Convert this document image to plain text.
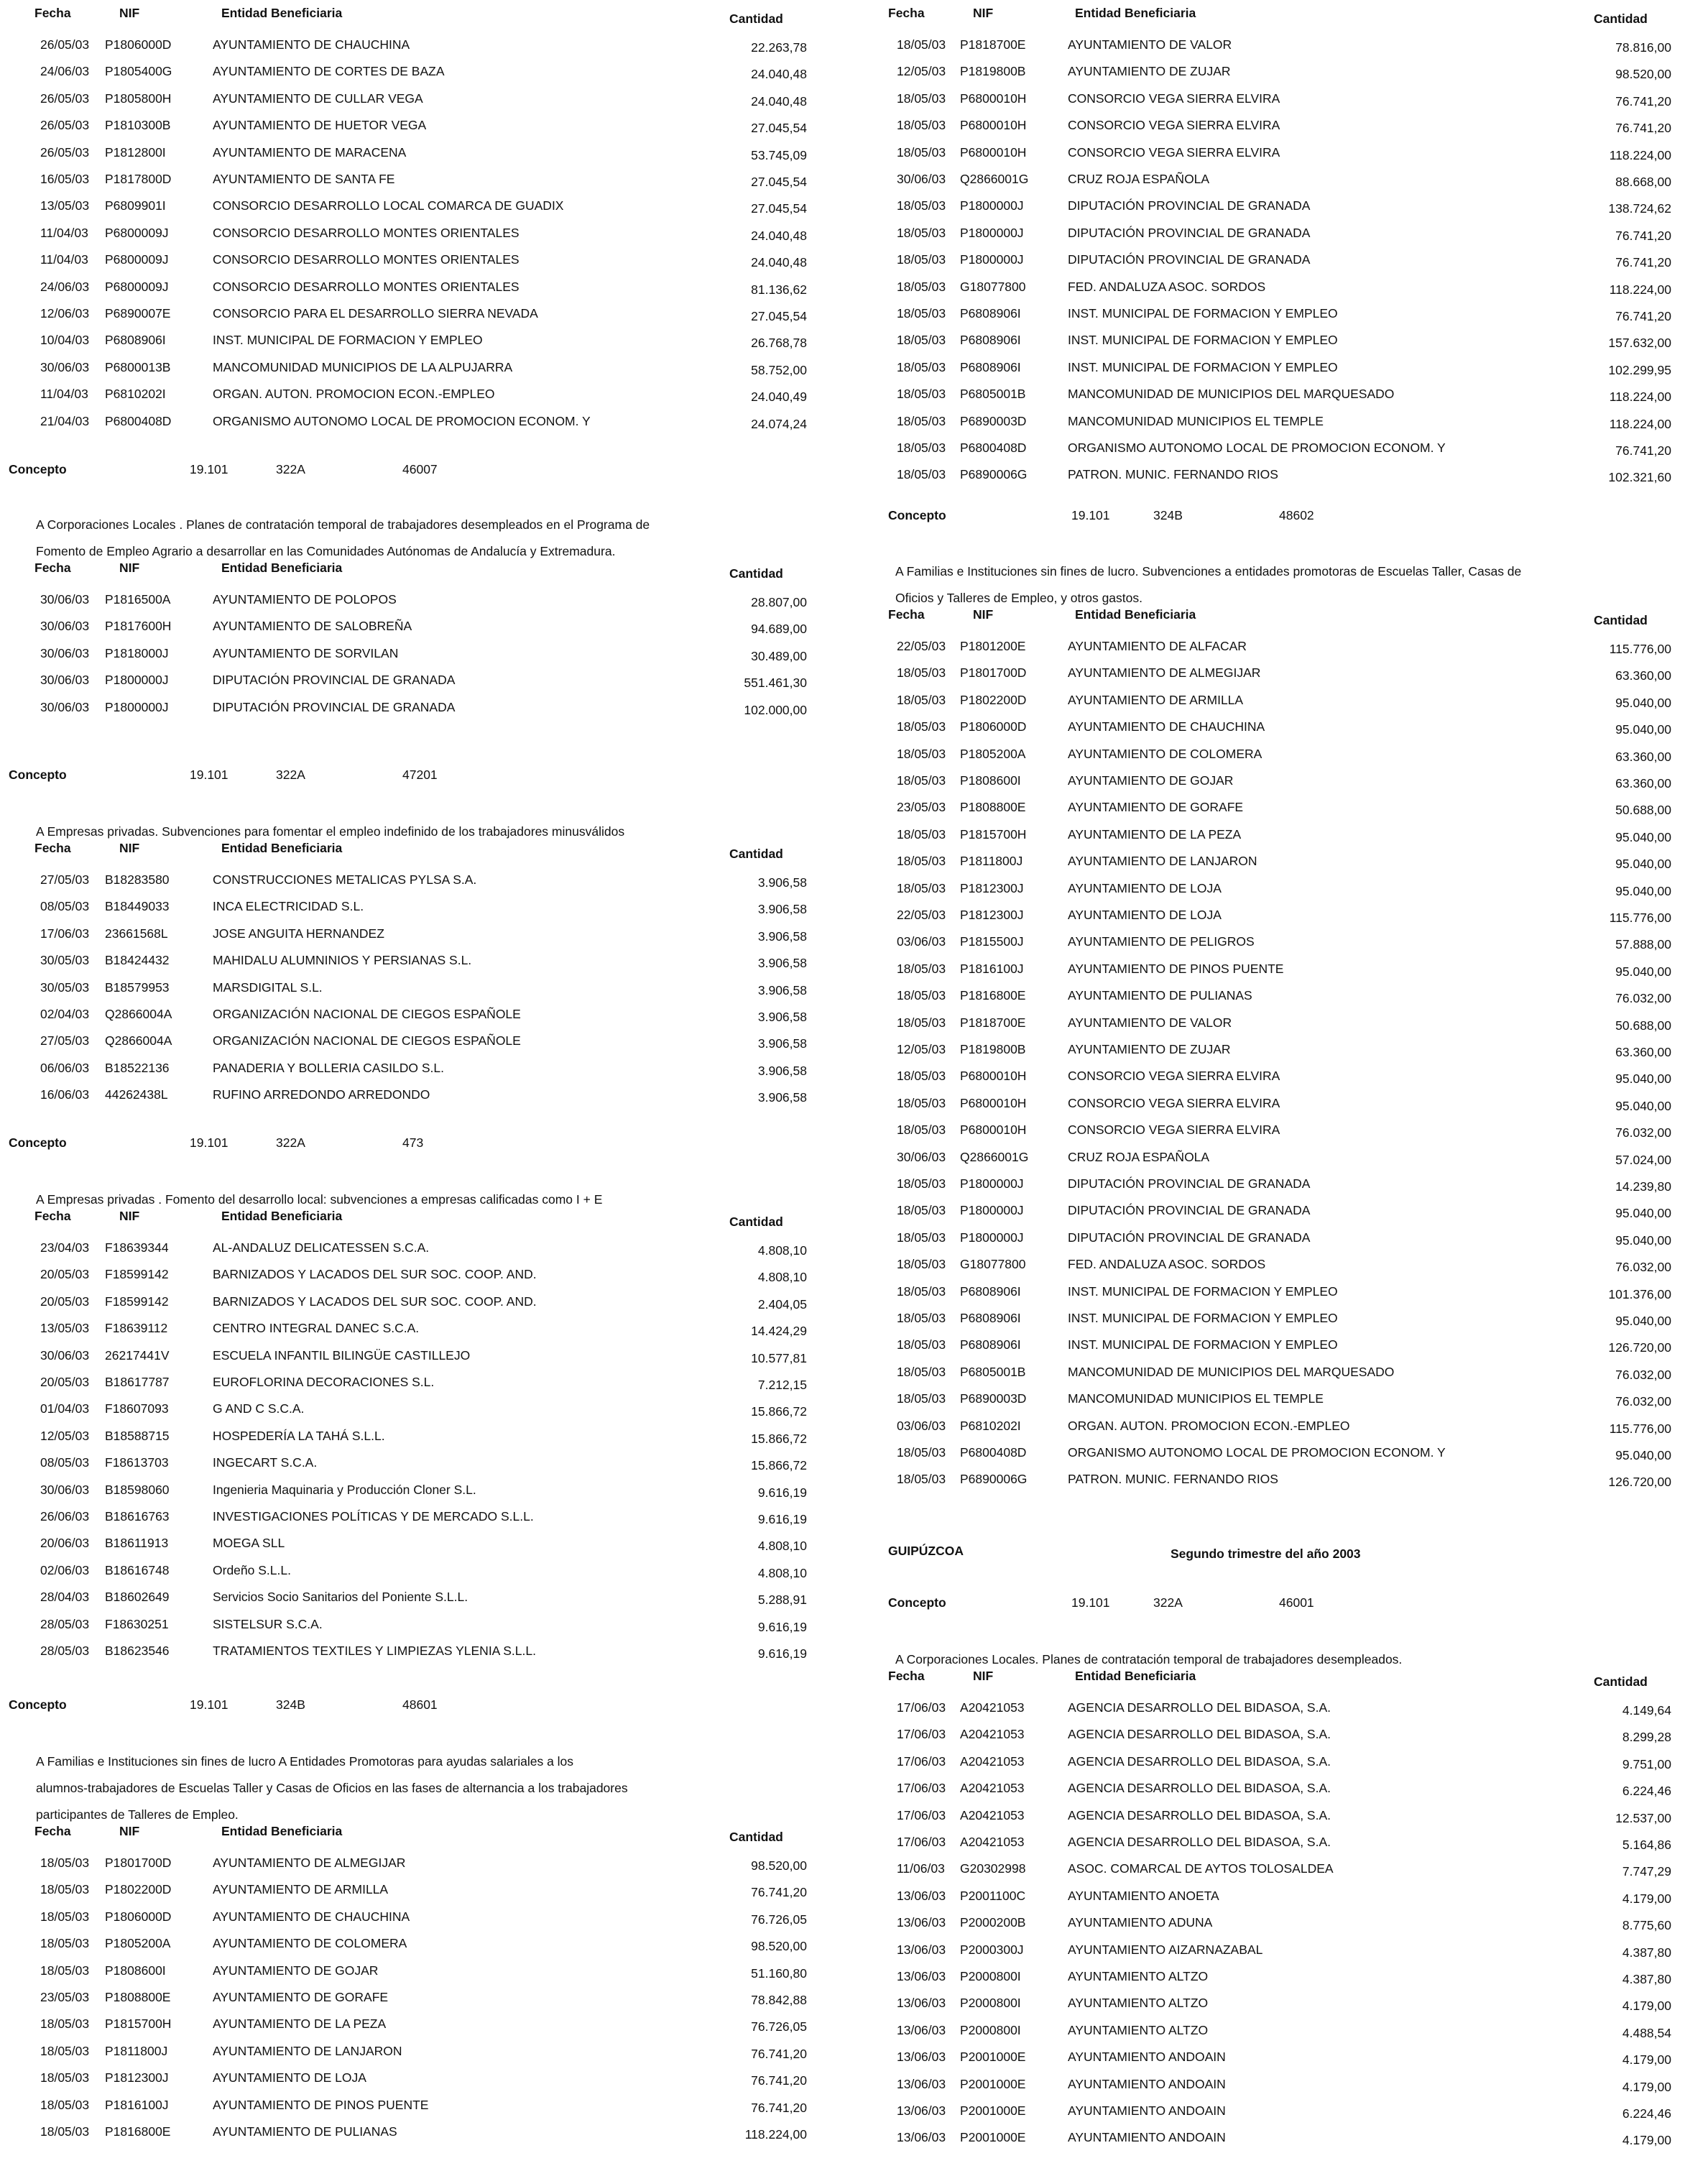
Fecha	NIF	Entidad Beneficiaria	Cantidad
26/05/03 P1806000D	AYUNTAMIENTO DE CHAUCHINA	22.263,78
24/06/03 P1805400G	AYUNTAMIENTO DE CORTES DE BAZA	24.040,48
26/05/03 P1805800H	AYUNTAMIENTO DE CULLAR VEGA	24.040,48
26/05/03 P1810300B	AYUNTAMIENTO DE HUETOR VEGA	27.045,54
26/05/03 P1812800I	AYUNTAMIENTO DE MARACENA	53.745,09
16/05/03 P1817800D	AYUNTAMIENTO DE SANTA FE	27.045,54
13/05/03 P6809901I	CONSORCIO DESARROLLO LOCAL COMARCA DE GUADIX	27.045,54
11/04/03 P6800009J	CONSORCIO DESARROLLO MONTES ORIENTALES	24.040,48
11/04/03 P6800009J	CONSORCIO DESARROLLO MONTES ORIENTALES	24.040,48
24/06/03 P6800009J	CONSORCIO DESARROLLO MONTES ORIENTALES	81.136,62
12/06/03 P6890007E	CONSORCIO PARA EL DESARROLLO SIERRA NEVADA	27.045,54
10/04/03 P6808906I	INST. MUNICIPAL DE FORMACION Y EMPLEO	26.768,78
30/06/03 P6800013B	MANCOMUNIDAD MUNICIPIOS DE LA ALPUJARRA	58.752,00
11/04/03 P6810202I	ORGAN. AUTON. PROMOCION ECON.-EMPLEO	24.040,49
21/04/03 P6800408D	ORGANISMO AUTONOMO LOCAL DE PROMOCION ECONOM. Y	24.074,24
Concepto	19.101	322A	46007
A Corporaciones Locales . Planes de contratación temporal de trabajadores desempleados en el Programa de
Fomento de Empleo Agrario a desarrollar en las Comunidades Autónomas de Andalucía y Extremadura.
Fecha	NIF	Entidad Beneficiaria	Cantidad
30/06/03 P1816500A	AYUNTAMIENTO DE POLOPOS	28.807,00
30/06/03 P1817600H	AYUNTAMIENTO DE SALOBREÑA	94.689,00
30/06/03 P1818000J	AYUNTAMIENTO DE SORVILAN	30.489,00
30/06/03 P1800000J	DIPUTACIÓN PROVINCIAL DE GRANADA	551.461,30
30/06/03 P1800000J	DIPUTACIÓN PROVINCIAL DE GRANADA	102.000,00
Concepto	19.101	322A	47201
A Empresas privadas. Subvenciones para fomentar el empleo indefinido de los trabajadores minusválidos
Fecha	NIF	Entidad Beneficiaria	Cantidad
27/05/03 B18283580	CONSTRUCCIONES METALICAS PYLSA S.A.	3.906,58
08/05/03 B18449033	INCA ELECTRICIDAD S.L.	3.906,58
17/06/03 23661568L	JOSE ANGUITA HERNANDEZ	3.906,58
30/05/03 B18424432	MAHIDALU ALUMNINIOS Y PERSIANAS S.L.	3.906,58
30/05/03 B18579953	MARSDIGITAL S.L.	3.906,58
02/04/03 Q2866004A	ORGANIZACIÓN NACIONAL DE CIEGOS ESPAÑOLE	3.906,58
27/05/03 Q2866004A	ORGANIZACIÓN NACIONAL DE CIEGOS ESPAÑOLE	3.906,58
06/06/03 B18522136	PANADERIA Y BOLLERIA CASILDO S.L.	3.906,58
16/06/03 44262438L	RUFINO ARREDONDO ARREDONDO	3.906,58
Concepto	19.101	322A	473
A Empresas privadas . Fomento del desarrollo local: subvenciones a empresas calificadas como I + E
Fecha	NIF	Entidad Beneficiaria	Cantidad
23/04/03 F18639344	AL-ANDALUZ DELICATESSEN S.C.A.	4.808,10
20/05/03 F18599142	BARNIZADOS Y LACADOS DEL SUR SOC. COOP. AND.	4.808,10
20/05/03 F18599142	BARNIZADOS Y LACADOS DEL SUR SOC. COOP. AND.	2.404,05
13/05/03 F18639112	CENTRO INTEGRAL DANEC S.C.A.	14.424,29
30/06/03 26217441V	ESCUELA INFANTIL BILINGÜE CASTILLEJO	10.577,81
20/05/03 B18617787	EUROFLORINA DECORACIONES S.L.	7.212,15
01/04/03 F18607093	G AND C S.C.A.	15.866,72
12/05/03 B18588715	HOSPEDERÍA LA TAHÁ S.L.L.	15.866,72
08/05/03 F18613703	INGECART S.C.A.	15.866,72
30/06/03 B18598060	Ingenieria Maquinaria y Producción Cloner S.L.	9.616,19
26/06/03 B18616763	INVESTIGACIONES POLÍTICAS Y DE MERCADO S.L.L.	9.616,19
20/06/03 B18611913	MOEGA SLL	4.808,10
02/06/03 B18616748	Ordeño S.L.L.	4.808,10
28/04/03 B18602649	Servicios Socio Sanitarios del Poniente S.L.L.	5.288,91
28/05/03 F18630251	SISTELSUR S.C.A.	9.616,19
28/05/03 B18623546	TRATAMIENTOS TEXTILES Y LIMPIEZAS YLENIA S.L.L.	9.616,19
Concepto	19.101	324B	48601
A Familias e Instituciones sin fines de lucro A Entidades Promotoras para ayudas salariales a los
alumnos-trabajadores de Escuelas Taller y Casas de Oficios en las fases de alternancia a los trabajadores
participantes de Talleres de Empleo.
Fecha	NIF	Entidad Beneficiaria	Cantidad
18/05/03 P1801700D	AYUNTAMIENTO DE ALMEGIJAR	98.520,00
18/05/03 P1802200D	AYUNTAMIENTO DE ARMILLA	76.741,20
18/05/03 P1806000D	AYUNTAMIENTO DE CHAUCHINA	76.726,05
18/05/03 P1805200A	AYUNTAMIENTO DE COLOMERA	98.520,00
18/05/03 P1808600I	AYUNTAMIENTO DE GOJAR	51.160,80
23/05/03 P1808800E	AYUNTAMIENTO DE GORAFE	78.842,88
18/05/03 P1815700H	AYUNTAMIENTO DE LA PEZA	76.726,05
18/05/03 P1811800J	AYUNTAMIENTO DE LANJARON	76.741,20
18/05/03 P1812300J	AYUNTAMIENTO DE LOJA	76.741,20
18/05/03 P1816100J	AYUNTAMIENTO DE PINOS PUENTE	76.741,20
18/05/03 P1816800E	AYUNTAMIENTO DE PULIANAS	118.224,00
Fecha	NIF	Entidad Beneficiaria	Cantidad
18/05/03 P1818700E	AYUNTAMIENTO DE VALOR	78.816,00
12/05/03 P1819800B	AYUNTAMIENTO DE ZUJAR	98.520,00
18/05/03 P6800010H	CONSORCIO VEGA SIERRA ELVIRA	76.741,20
18/05/03 P6800010H	CONSORCIO VEGA SIERRA ELVIRA	76.741,20
18/05/03 P6800010H	CONSORCIO VEGA SIERRA ELVIRA	118.224,00
30/06/03 Q2866001G	CRUZ ROJA ESPAÑOLA	88.668,00
18/05/03 P1800000J	DIPUTACIÓN PROVINCIAL DE GRANADA	138.724,62
18/05/03 P1800000J	DIPUTACIÓN PROVINCIAL DE GRANADA	76.741,20
18/05/03 P1800000J	DIPUTACIÓN PROVINCIAL DE GRANADA	76.741,20
18/05/03 G18077800	FED. ANDALUZA ASOC. SORDOS	118.224,00
18/05/03 P6808906I	INST. MUNICIPAL DE FORMACION Y EMPLEO	76.741,20
18/05/03 P6808906I	INST. MUNICIPAL DE FORMACION Y EMPLEO	157.632,00
18/05/03 P6808906I	INST. MUNICIPAL DE FORMACION Y EMPLEO	102.299,95
18/05/03 P6805001B	MANCOMUNIDAD DE MUNICIPIOS DEL MARQUESADO	118.224,00
18/05/03 P6890003D	MANCOMUNIDAD MUNICIPIOS EL TEMPLE	118.224,00
18/05/03 P6800408D	ORGANISMO AUTONOMO LOCAL DE PROMOCION ECONOM. Y	76.741,20
18/05/03 P6890006G	PATRON. MUNIC. FERNANDO RIOS	102.321,60
Concepto	19.101	324B	48602
A Familias e Instituciones sin fines de lucro. Subvenciones a entidades promotoras de Escuelas Taller, Casas de
Oficios y Talleres de Empleo, y otros gastos.
Fecha	NIF	Entidad Beneficiaria	Cantidad
22/05/03 P1801200E	AYUNTAMIENTO DE ALFACAR	115.776,00
18/05/03 P1801700D	AYUNTAMIENTO DE ALMEGIJAR	63.360,00
18/05/03 P1802200D	AYUNTAMIENTO DE ARMILLA	95.040,00
18/05/03 P1806000D	AYUNTAMIENTO DE CHAUCHINA	95.040,00
18/05/03 P1805200A	AYUNTAMIENTO DE COLOMERA	63.360,00
18/05/03 P1808600I	AYUNTAMIENTO DE GOJAR	63.360,00
23/05/03 P1808800E	AYUNTAMIENTO DE GORAFE	50.688,00
18/05/03 P1815700H	AYUNTAMIENTO DE LA PEZA	95.040,00
18/05/03 P1811800J	AYUNTAMIENTO DE LANJARON	95.040,00
18/05/03 P1812300J	AYUNTAMIENTO DE LOJA	95.040,00
22/05/03 P1812300J	AYUNTAMIENTO DE LOJA	115.776,00
03/06/03 P1815500J	AYUNTAMIENTO DE PELIGROS	57.888,00
18/05/03 P1816100J	AYUNTAMIENTO DE PINOS PUENTE	95.040,00
18/05/03 P1816800E	AYUNTAMIENTO DE PULIANAS	76.032,00
18/05/03 P1818700E	AYUNTAMIENTO DE VALOR	50.688,00
12/05/03 P1819800B	AYUNTAMIENTO DE ZUJAR	63.360,00
18/05/03 P6800010H	CONSORCIO VEGA SIERRA ELVIRA	95.040,00
18/05/03 P6800010H	CONSORCIO VEGA SIERRA ELVIRA	95.040,00
18/05/03 P6800010H	CONSORCIO VEGA SIERRA ELVIRA	76.032,00
30/06/03 Q2866001G	CRUZ ROJA ESPAÑOLA	57.024,00
18/05/03 P1800000J	DIPUTACIÓN PROVINCIAL DE GRANADA	14.239,80
18/05/03 P1800000J	DIPUTACIÓN PROVINCIAL DE GRANADA	95.040,00
18/05/03 P1800000J	DIPUTACIÓN PROVINCIAL DE GRANADA	95.040,00
18/05/03 G18077800	FED. ANDALUZA ASOC. SORDOS	76.032,00
18/05/03 P6808906I	INST. MUNICIPAL DE FORMACION Y EMPLEO	101.376,00
18/05/03 P6808906I	INST. MUNICIPAL DE FORMACION Y EMPLEO	95.040,00
18/05/03 P6808906I	INST. MUNICIPAL DE FORMACION Y EMPLEO	126.720,00
18/05/03 P6805001B	MANCOMUNIDAD DE MUNICIPIOS DEL MARQUESADO	76.032,00
18/05/03 P6890003D	MANCOMUNIDAD MUNICIPIOS EL TEMPLE	76.032,00
03/06/03 P6810202I	ORGAN. AUTON. PROMOCION ECON.-EMPLEO	115.776,00
18/05/03 P6800408D	ORGANISMO AUTONOMO LOCAL DE PROMOCION ECONOM. Y	95.040,00
18/05/03 P6890006G	PATRON. MUNIC. FERNANDO RIOS	126.720,00
GUIPÚZCOA	Segundo trimestre del año 2003
Concepto	19.101	322A	46001
A Corporaciones Locales. Planes de contratación temporal de trabajadores desempleados.
Fecha	NIF	Entidad Beneficiaria	Cantidad
17/06/03 A20421053	AGENCIA DESARROLLO DEL BIDASOA, S.A.	4.149,64
17/06/03 A20421053	AGENCIA DESARROLLO DEL BIDASOA, S.A.	8.299,28
17/06/03 A20421053	AGENCIA DESARROLLO DEL BIDASOA, S.A.	9.751,00
17/06/03 A20421053	AGENCIA DESARROLLO DEL BIDASOA, S.A.	6.224,46
17/06/03 A20421053	AGENCIA DESARROLLO DEL BIDASOA, S.A.	12.537,00
17/06/03 A20421053	AGENCIA DESARROLLO DEL BIDASOA, S.A.	5.164,86
11/06/03 G20302998	ASOC. COMARCAL DE AYTOS TOLOSALDEA	7.747,29
13/06/03 P2001100C	AYUNTAMIENTO ANOETA	4.179,00
13/06/03 P2000200B	AYUNTAMIENTO ADUNA	8.775,60
13/06/03 P2000300J	AYUNTAMIENTO AIZARNAZABAL	4.387,80
13/06/03 P2000800I	AYUNTAMIENTO ALTZO	4.387,80
13/06/03 P2000800I	AYUNTAMIENTO ALTZO	4.179,00
13/06/03 P2000800I	AYUNTAMIENTO ALTZO	4.488,54
13/06/03 P2001000E	AYUNTAMIENTO ANDOAIN	4.179,00
13/06/03 P2001000E	AYUNTAMIENTO ANDOAIN	4.179,00
13/06/03 P2001000E	AYUNTAMIENTO ANDOAIN	6.224,46
13/06/03 P2001000E	AYUNTAMIENTO ANDOAIN	4.179,00
